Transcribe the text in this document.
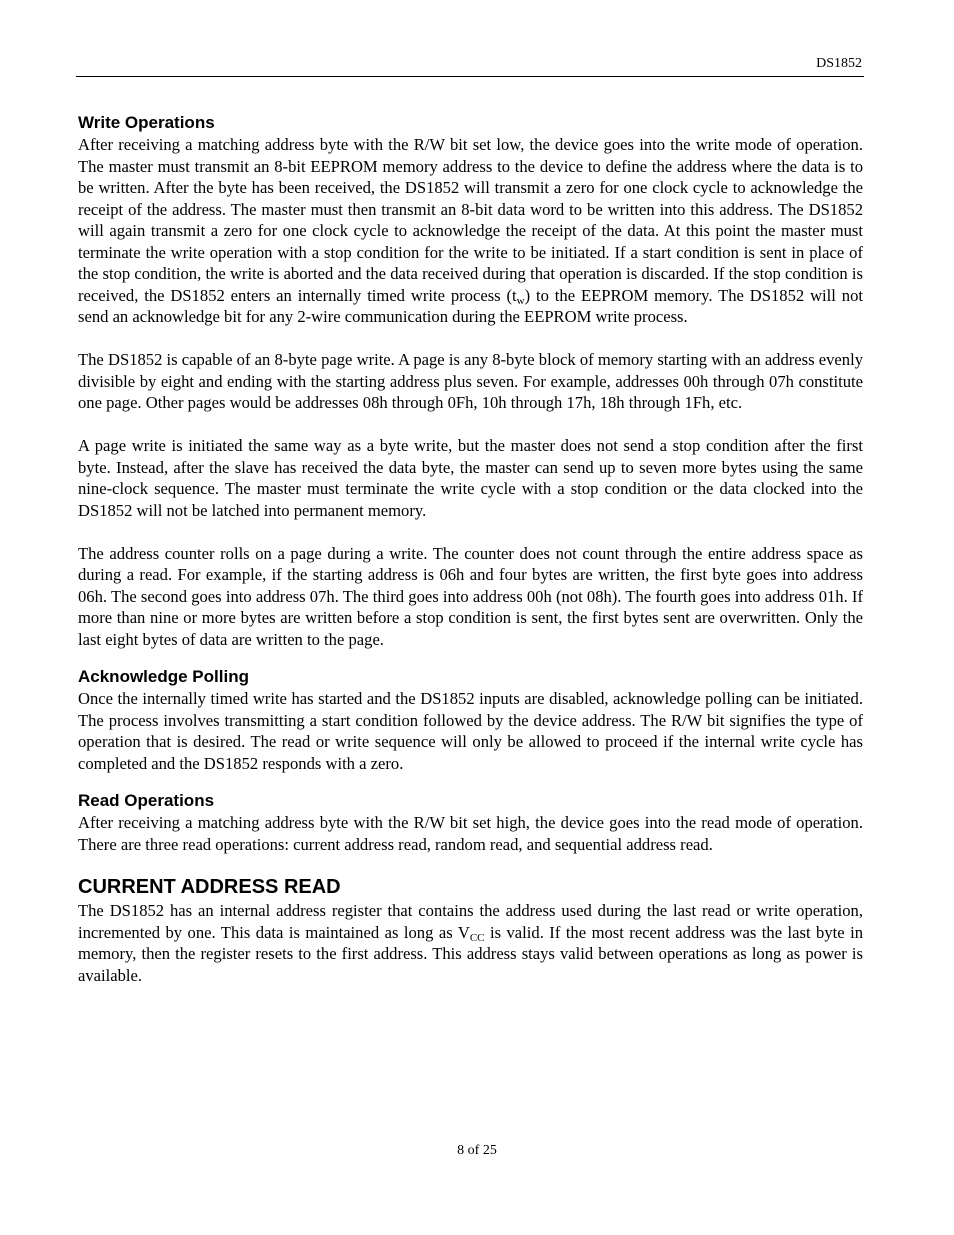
DS1852
Write Operations

After receiving a matching address byte with the R/W bit set low, the device goes into the write mode of operation. The master must transmit an 8-bit EEPROM memory address to the device to define the address where the data is to be written. After the byte has been received, the DS1852 will transmit a zero for one clock cycle to acknowledge the receipt of the address. The master must then transmit an 8-bit data word to be written into this address. The DS1852 will again transmit a zero for one clock cycle to acknowledge the receipt of the data. At this point the master must terminate the write operation with a stop condition for the write to be initiated. If a start condition is sent in place of the stop condition, the write is aborted and the data received during that operation is discarded. If the stop condition is received, the DS1852 enters an internally timed write process $(t_w)$ to the EEPROM memory. The DS1852 will not send an acknowledge bit for any 2-wire communication during the EEPROM write process.

The DS1852 is capable of an 8-byte page write. A page is any 8-byte block of memory starting with an address evenly divisible by eight and ending with the starting address plus seven. For example, addresses 00h through 07h constitute one page. Other pages would be addresses 08h through 0Fh, 10h through 17h, 18h through 1Fh, etc.

A page write is initiated the same way as a byte write, but the master does not send a stop condition after the first byte. Instead, after the slave has received the data byte, the master can send up to seven more bytes using the same nine-clock sequence. The master must terminate the write cycle with a stop condition or the data clocked into the DS1852 will not be latched into permanent memory.

The address counter rolls on a page during a write. The counter does not count through the entire address space as during a read. For example, if the starting address is 06h and four bytes are written, the first byte goes into address 06h. The second goes into address 07h. The third goes into address 00h (not 08h). The fourth goes into address 01h. If more than nine or more bytes are written before a stop condition is sent, the first bytes sent are overwritten. Only the last eight bytes of data are written to the page.

Acknowledge Polling

Once the internally timed write has started and the DS1852 inputs are disabled, acknowledge polling can be initiated. The process involves transmitting a start condition followed by the device address. The R/W bit signifies the type of operation that is desired. The read or write sequence will only be allowed to proceed if the internal write cycle has completed and the DS1852 responds with a zero.

Read Operations

After receiving a matching address byte with the R/W bit set high, the device goes into the read mode of operation. There are three read operations: current address read, random read, and sequential address read.

CURRENT ADDRESS READ

The DS1852 has an internal address register that contains the address used during the last read or write operation, incremented by one. This data is maintained as long as $V_{CC}$ is valid. If the most recent address was the last byte in memory, then the register resets to the first address. This address stays valid between operations as long as power is available.

8 of 25
